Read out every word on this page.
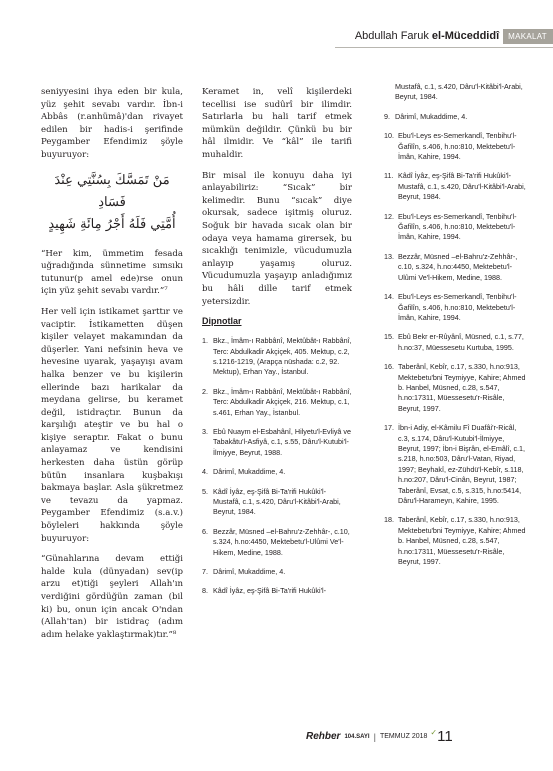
Abdullah Faruk el-Müceddidî	MAKALAT

seniyyesini ihya eden bir kula, yüz şehit sevabı vardır. İbn-i Abbâs (r.anhümâ)'dan rivayet edilen bir hadis-i şerifinde Peygamber Efendimiz şöyle buyuruyor:

مَنْ تَمَسَّكَ بِسُنَّتِي عِنْدَ فَسَادِ
أُمَّتِي فَلَهُ أَجْرُ مِائَةِ شَهِيدٍ

“Her kim, ümmetim fesada uğradığında sünnetime sımsıkı tutunur(p amel ede)rse onun için yüz şehit sevabı vardır.”⁷

Her velî için istikamet şarttır ve vaciptir. İstikametten düşen kişiler velayet makamından da düşerler. Yani nefsinin heva ve hevesine uyarak, yaşayışı avam halka benzer ve bu kişilerin ellerinde bazı harikalar da meydana gelirse, bu keramet değil, istidraçtır. Bunun da karşılığı ateştir ve bu hal o kişiye seraptır. Fakat o bunu anlayamaz ve kendisini herkesten daha üstün görüp bütün insanlara kuşbakışı bakmaya başlar. Asla şükretmez ve tevazu da yapmaz. Peygamber Efendimiz (s.a.v.) böyleleri hakkında şöyle buyuruyor:

“Günahlarına devam ettiği halde kula (dünyadan) sev(ip arzu et)tiği şeyleri Allah'ın verdiğini gördüğün zaman (bil ki) bu, onun için ancak O'ndan (Allah'tan) bir istidraç (adım adım helake yaklaştırmak)tır.”⁸

Keramet in, velî kişilerdeki tecellisi ise sudûrî bir ilimdir. Satırlarla bu hali tarif etmek mümkün değildir. Çünkü bu bir hâl ilmidir. Ve “kâl” ile tarifi muhaldir.

Bir misal ile konuyu daha iyi anlayabiliriz: “Sıcak” bir kelimedir. Bunu “sıcak” diye okursak, sadece işitmiş oluruz. Soğuk bir havada sıcak olan bir odaya veya hamama girersek, bu sıcaklığı tenimizle, vücudumuzla anlayıp yaşamış oluruz. Vücudumuzla yaşayıp anladığımız bu hâli dille tarif etmek yetersizdir.

Dipnotlar
1. Bkz., İmâm-ı Rabbânî, Mektûbât-ı Rabbânî, Terc: Abdulkadir Akçiçek, 405. Mektup, c.2, s.1216-1219, (Arapça nüshada: c.2, 92. Mektup), Erhan Yay., İstanbul.
2. Bkz., İmâm-ı Rabbânî, Mektûbât-ı Rabbânî, Terc: Abdulkadir Akçiçek, 216. Mektup, c.1, s.461, Erhan Yay., İstanbul.
3. Ebû Nuaym el-Esbahânî, Hilyetu'l-Evliyâ ve Tabakâtu'l-Asfiyâ, c.1, s.55, Dâru'l-Kutubi'l-İlmiyye, Beyrut, 1988.
4. Dârimî, Mukaddime, 4.
5. Kâdî İyâz, eş-Şifâ Bi-Ta'rifi Hukûki'l-Mustafâ, c.1, s.420, Dâru'l-Kitâbi'l-Arabi, Beyrut, 1984.
6. Bezzâr, Müsned –el-Bahru'z-Zehhâr-, c.10, s.324, h.no:4450, Mektebetu'l-Ulûmi Ve'l-Hikem, Medine, 1988.
7. Dârimî, Mukaddime, 4.
8. Kâdî İyâz, eş-Şifâ Bi-Ta'rifi Hukûki'l-
Mustafâ, c.1, s.420, Dâru'l-Kitâbi'l-Arabi, Beyrut, 1984.
9. Dârimî, Mukaddime, 4.
10. Ebu'l-Leys es-Semerkandî, Tenbihu'l-Ğafilîn, s.406, h.no:810, Mektebetu'l-İmân, Kahire, 1994.
11. Kâdî İyâz, eş-Şifâ Bi-Ta'rifi Hukûki'l-Mustafâ, c.1, s.420, Dâru'l-Kitâbi'l-Arabi, Beyrut, 1984.
12. Ebu'l-Leys es-Semerkandî, Tenbihu'l-Ğafilîn, s.406, h.no:810, Mektebetu'l-İmân, Kahire, 1994.
13. Bezzâr, Müsned –el-Bahru'z-Zehhâr-, c.10, s.324, h.no:4450, Mektebetu'l-Ulûmi Ve'l-Hikem, Medine, 1988.
14. Ebu'l-Leys es-Semerkandî, Tenbihu'l-Ğafilîn, s.406, h.no:810, Mektebetu'l-İmân, Kahire, 1994.
15. Ebû Bekr er-Rûyânî, Müsned, c.1, s.77, h.no:37, Müessesetu Kurtuba, 1995.
16. Taberânî, Kebîr, c.17, s.330, h.no:913, Mektebetu'bni Teymiyye, Kahire; Ahmed b. Hanbel, Müsned, c.28, s.547, h.no:17311, Müessesetu'r-Risâle, Beyrut, 1997.
17. İbn-i Adiy, el-Kâmilu Fî Duafâi'r-Ricâl, c.3, s.174, Dâru'l-Kutubi'l-İlmiyye, Beyrut, 1997; İbn-i Bişrân, el-Emâlî, c.1, s.218, h.no:503, Dâru'l-Vatan, Riyad, 1997; Beyhakî, ez-Zühdü'l-Kebîr, s.118, h.no:207, Dâru'l-Cinân, Beyrut, 1987; Taberânî, Evsat, c.5, s.315, h.no:5414, Dâru'l-Harameyn, Kahire, 1995.
18. Taberânî, Kebîr, c.17, s.330, h.no:913, Mektebetu'bni Teymiyye, Kahire; Ahmed b. Hanbel, Müsned, c.28, s.547, h.no:17311, Müessesetu'r-Risâle, Beyrut, 1997.
Rehber 104.SAYI | TEMMUZ 2018 ✓11
